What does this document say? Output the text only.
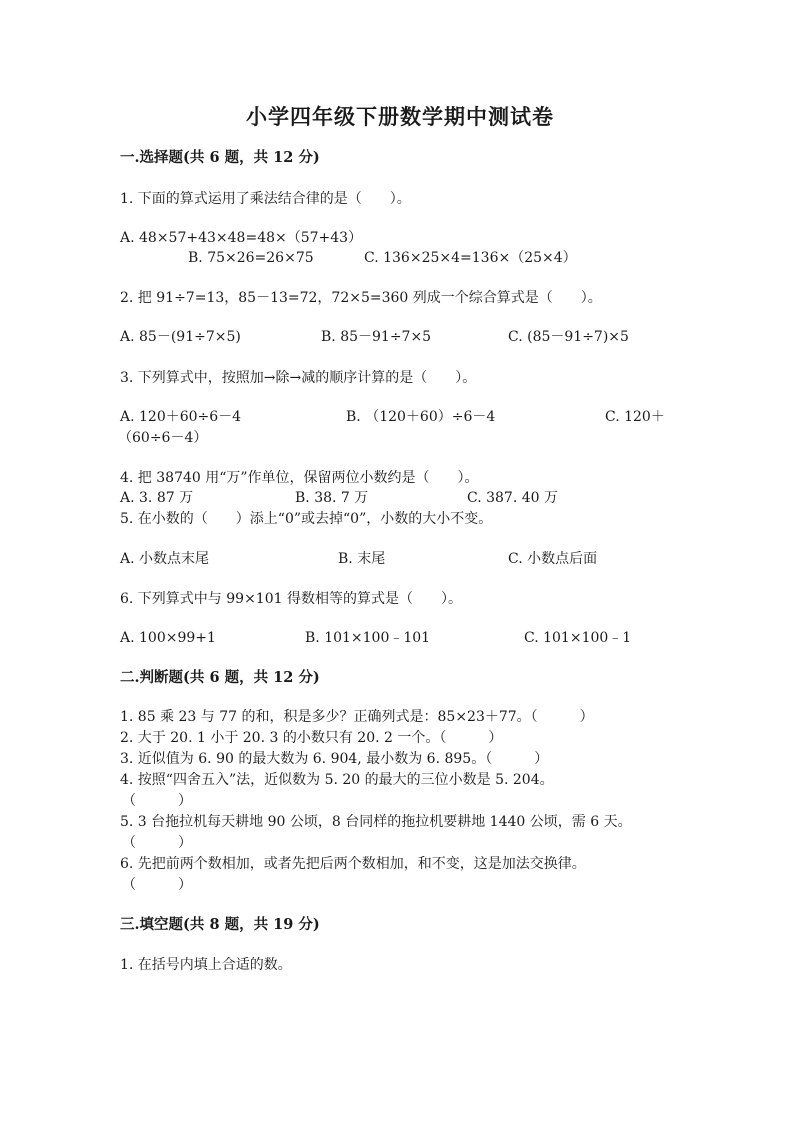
小学四年级下册数学期中测试卷
一.选择题(共 6 题，共 12 分)
1. 下面的算式运用了乘法结合律的是（　　）。
A. 48×57+43×48=48×（57+43）
B. 75×26=26×75	C. 136×25×4=136×（25×4）
2. 把 91÷7=13，85－13=72，72×5=360 列成一个综合算式是（　　）。
A. 85－(91÷7×5)	B. 85－91÷7×5	C. (85－91÷7)×5
3. 下列算式中，按照加→除→减的顺序计算的是（　　）。
A. 120＋60÷6－4	B. （120＋60）÷6－4	C. 120＋
（60÷6－4）
4. 把 38740 用“万”作单位，保留两位小数约是（　　）。
A. 3. 87 万	B. 38. 7 万	C. 387. 40 万
5. 在小数的（　　）添上“0”或去掉“0”，小数的大小不变。
A. 小数点末尾	B. 末尾	C. 小数点后面
6. 下列算式中与 99×101 得数相等的算式是（　　）。
A. 100×99+1	B. 101×100﹣101	C. 101×100﹣1
二.判断题(共 6 题，共 12 分)
1. 85 乘 23 与 77 的和，积是多少？正确列式是：85×23＋77。（　　　）
2. 大于 20. 1 小于 20. 3 的小数只有 20. 2 一个。（　　　）
3. 近似值为 6. 90 的最大数为 6. 904, 最小数为 6. 895。（　　　）
4. 按照“四舍五入”法，近似数为 5. 20 的最大的三位小数是 5. 204。
（　　　）
5. 3 台拖拉机每天耕地 90 公顷，8 台同样的拖拉机要耕地 1440 公顷，需 6 天。
（　　　）
6. 先把前两个数相加，或者先把后两个数相加，和不变，这是加法交换律。
（　　　）
三.填空题(共 8 题，共 19 分)
1. 在括号内填上合适的数。
